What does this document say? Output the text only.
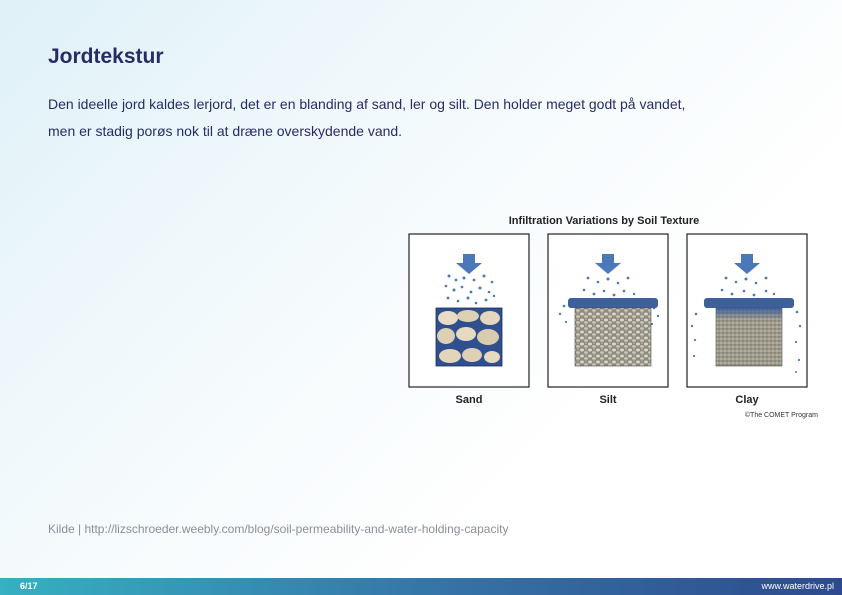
Jordtekstur
Den ideelle jord kaldes lerjord, det er en blanding af sand, ler og silt. Den holder meget godt på vandet,
men er stadig porøs nok til at dræne overskydende vand.
Infiltration Variations by Soil Texture
Sand	Silt	Clay
©The COMET Program
Kilde | http://lizschroeder.weebly.com/blog/soil-permeability-and-water-holding-capacity
6/17	www.waterdrive.pl
